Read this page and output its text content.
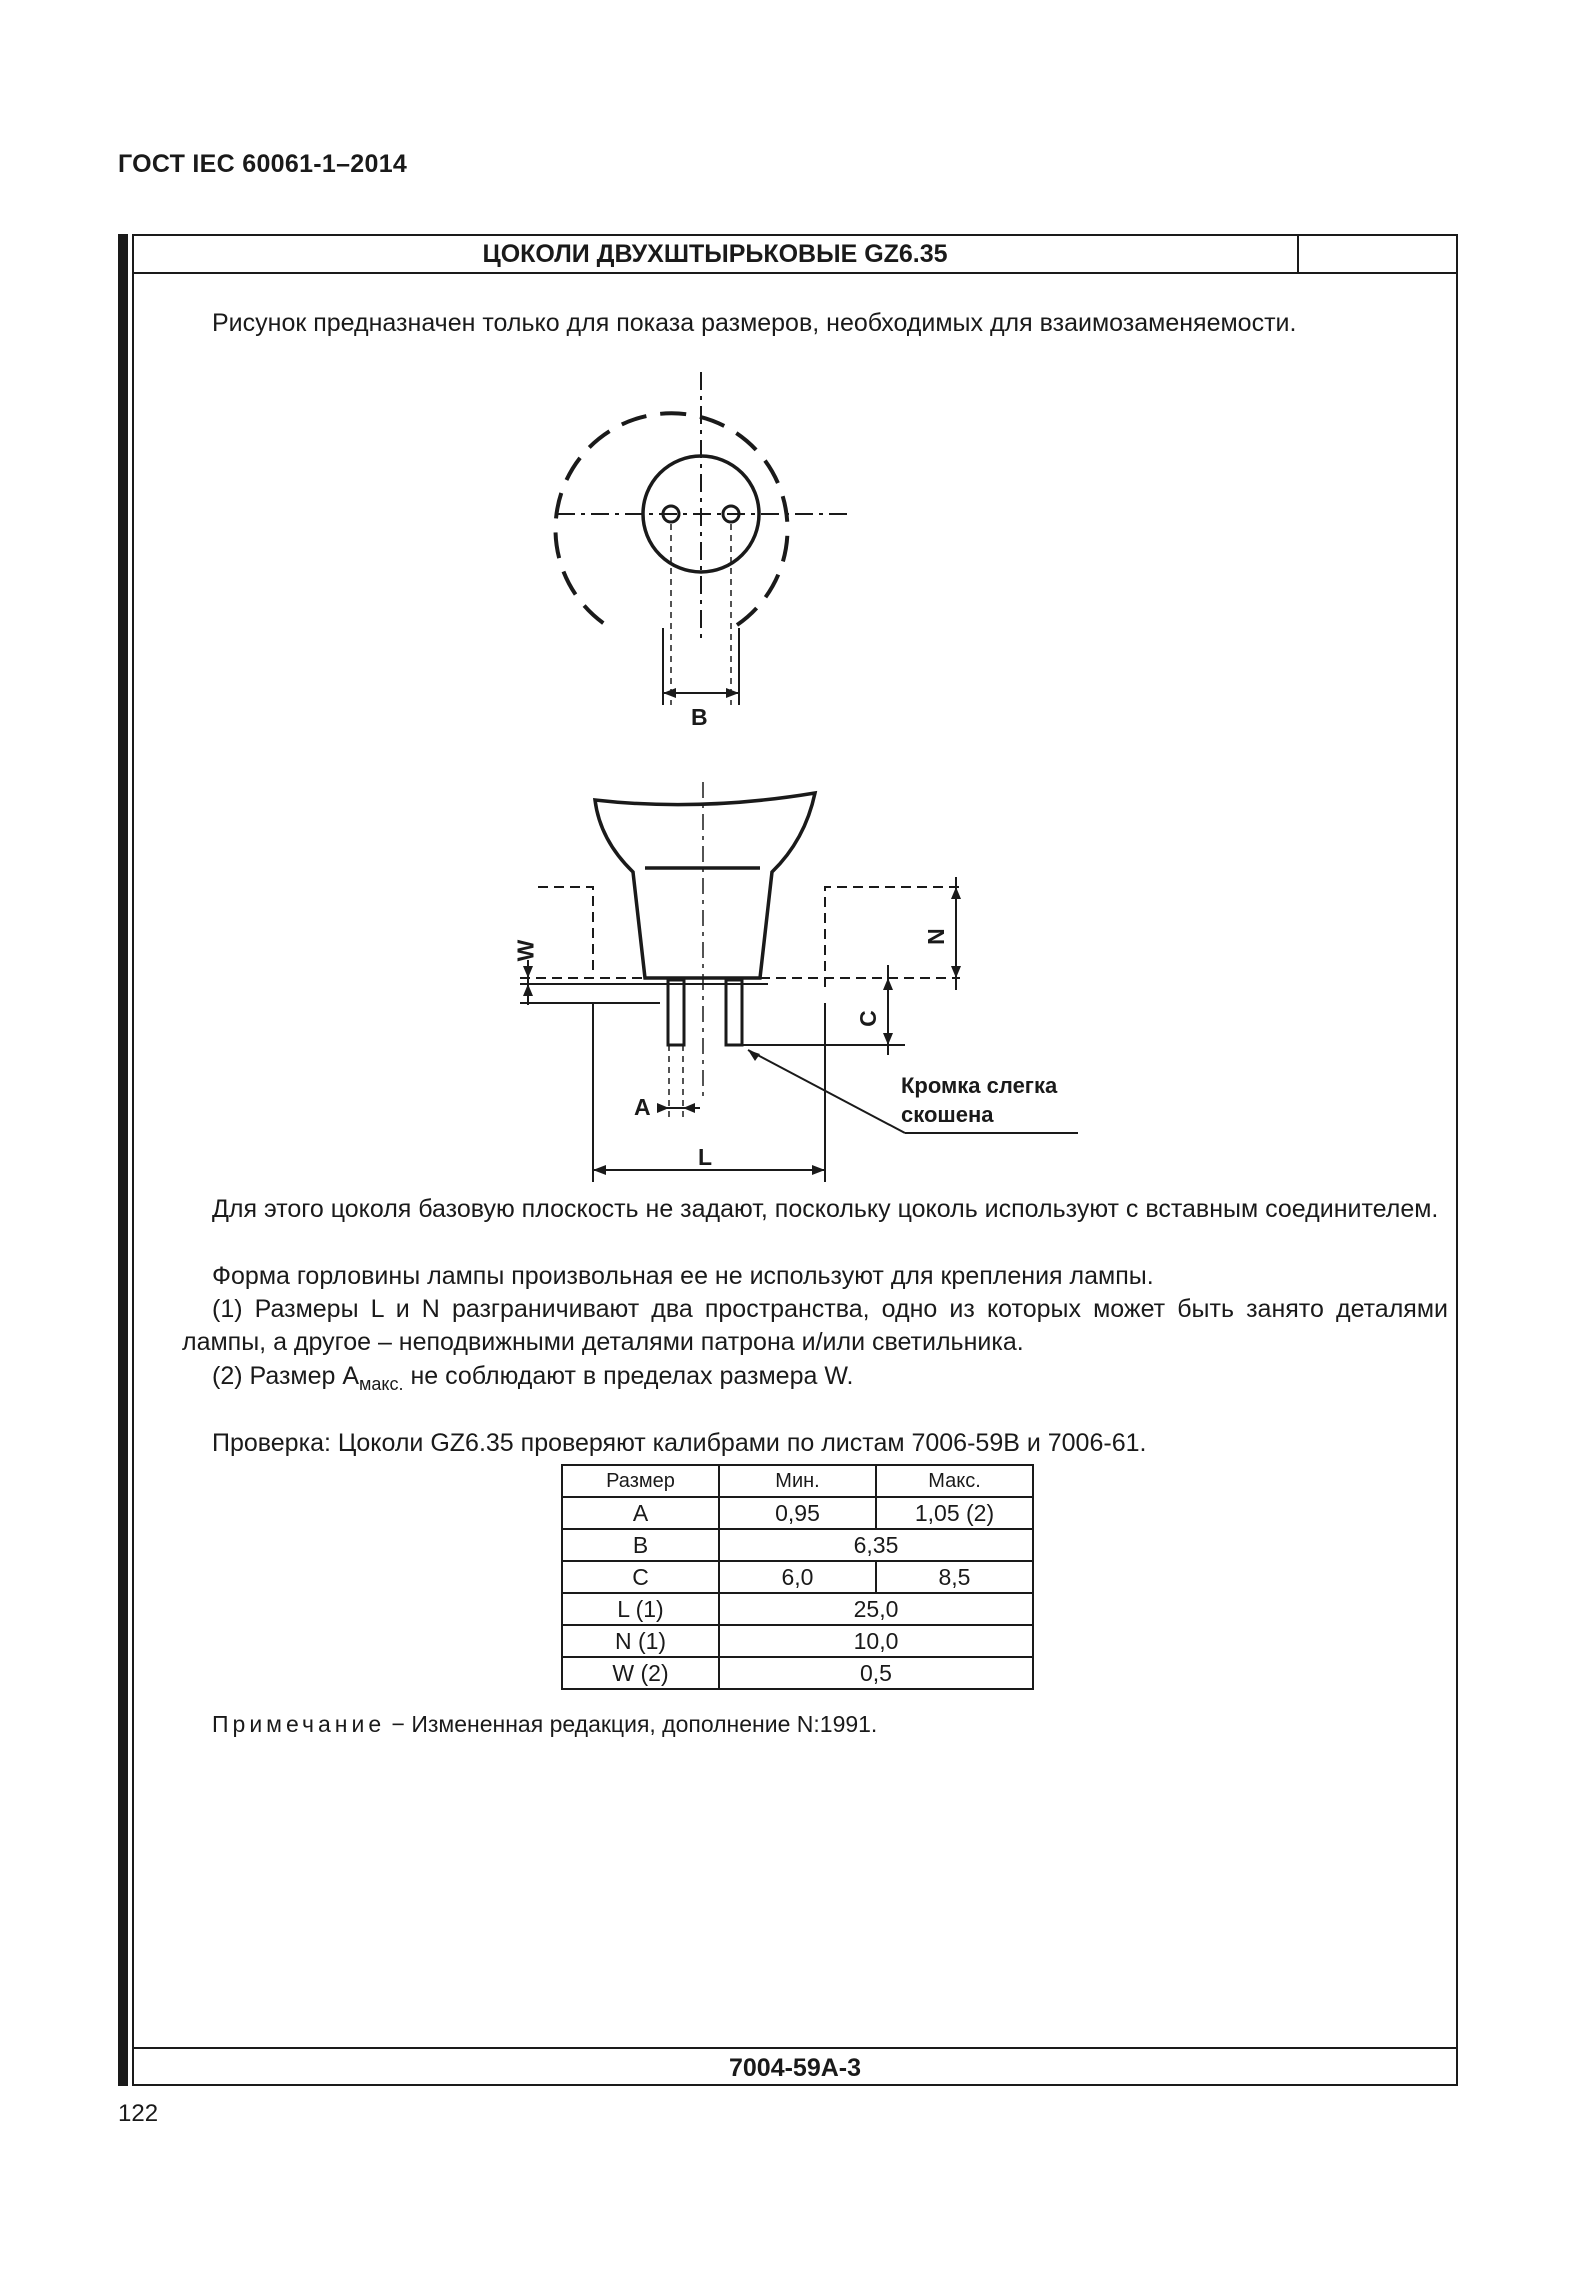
ГОСТ IEC 60061-1–2014
ЦОКОЛИ ДВУХШТЫРЬКОВЫЕ GZ6.35
Рисунок предназначен только для показа размеров, необходимых для взаимозаменяемости.
B
W
N
C
A
L
Кромка слегка
скошена
Для этого цоколя базовую плоскость не задают, поскольку цоколь используют с вставным соединителем.
Форма горловины лампы произвольная ее не используют для крепления лампы.
(1) Размеры L и N разграничивают два пространства, одно из которых может быть занято деталями лампы, а другое – неподвижными деталями патрона и/или светильника.
(2) Размер $А_{макс.}$ не соблюдают в пределах размера W.
Проверка: Цоколи GZ6.35 проверяют калибрами по листам 7006-59B и 7006-61.
Размер	Мин.	Макс.
A	0,95	1,05 (2)
B	6,35	
C	6,0	8,5
L (1)	25,0	
N (1)	10,0	
W (2)	0,5	
Примечание − Измененная редакция, дополнение N:1991.
7004-59A-3
122
